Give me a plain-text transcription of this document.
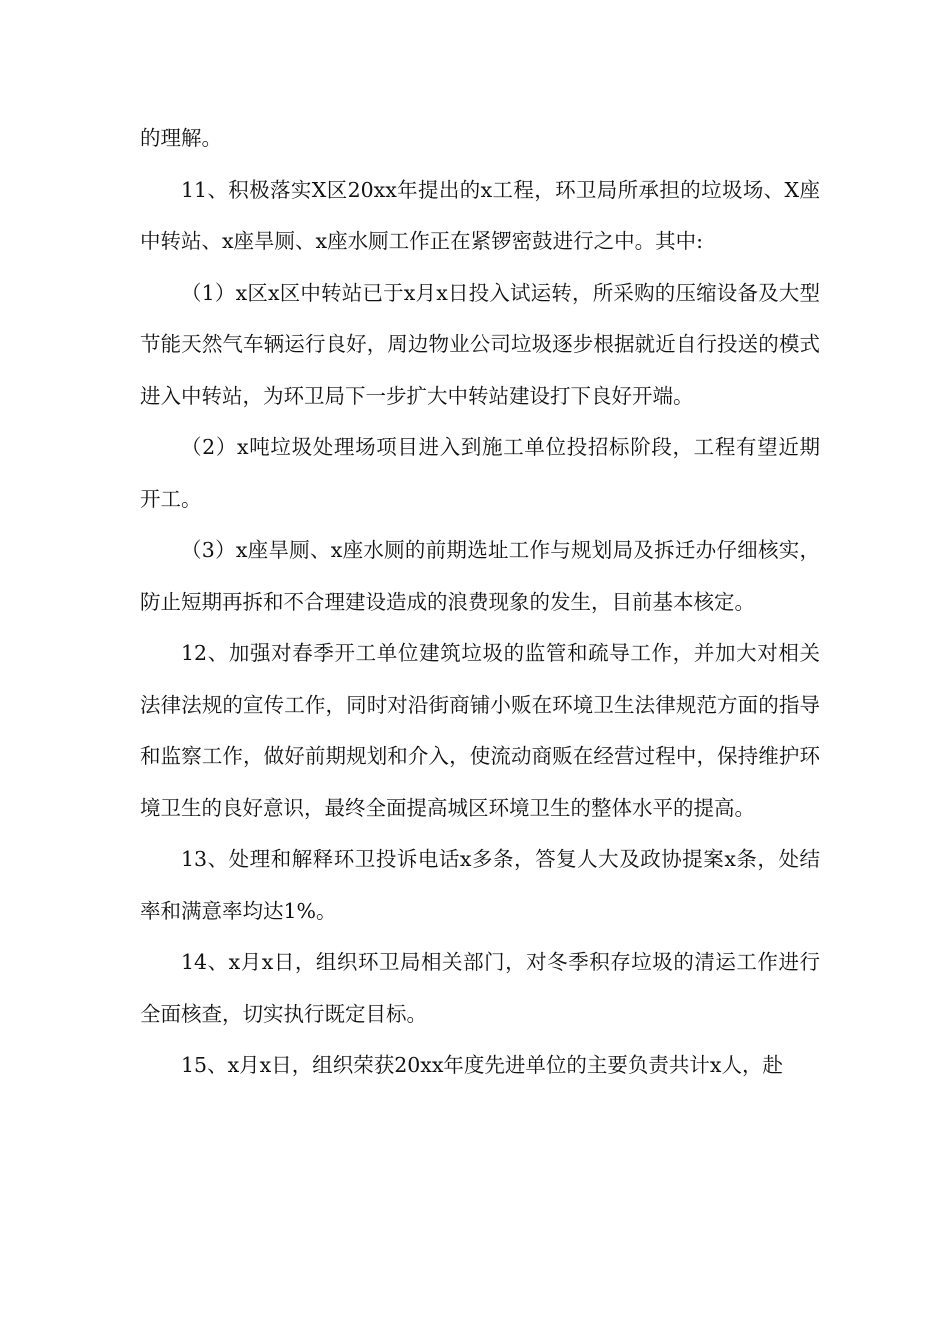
的理解。

11、积极落实X区20xx年提出的x工程，环卫局所承担的垃圾场、X座中转站、x座旱厕、x座水厕工作正在紧锣密鼓进行之中。其中:

（1）x区x区中转站已于x月x日投入试运转，所采购的压缩设备及大型节能天然气车辆运行良好，周边物业公司垃圾逐步根据就近自行投送的模式进入中转站，为环卫局下一步扩大中转站建设打下良好开端。

（2）x吨垃圾处理场项目进入到施工单位投招标阶段，工程有望近期开工。

（3）x座旱厕、x座水厕的前期选址工作与规划局及拆迁办仔细核实，防止短期再拆和不合理建设造成的浪费现象的发生，目前基本核定。

12、加强对春季开工单位建筑垃圾的监管和疏导工作，并加大对相关法律法规的宣传工作，同时对沿街商铺小贩在环境卫生法律规范方面的指导和监察工作，做好前期规划和介入，使流动商贩在经营过程中，保持维护环境卫生的良好意识，最终全面提高城区环境卫生的整体水平的提高。

13、处理和解释环卫投诉电话x多条，答复人大及政协提案x条，处结率和满意率均达1%。

14、x月x日，组织环卫局相关部门，对冬季积存垃圾的清运工作进行全面核查，切实执行既定目标。

15、x月x日，组织荣获20xx年度先进单位的主要负责共计x人，赴
